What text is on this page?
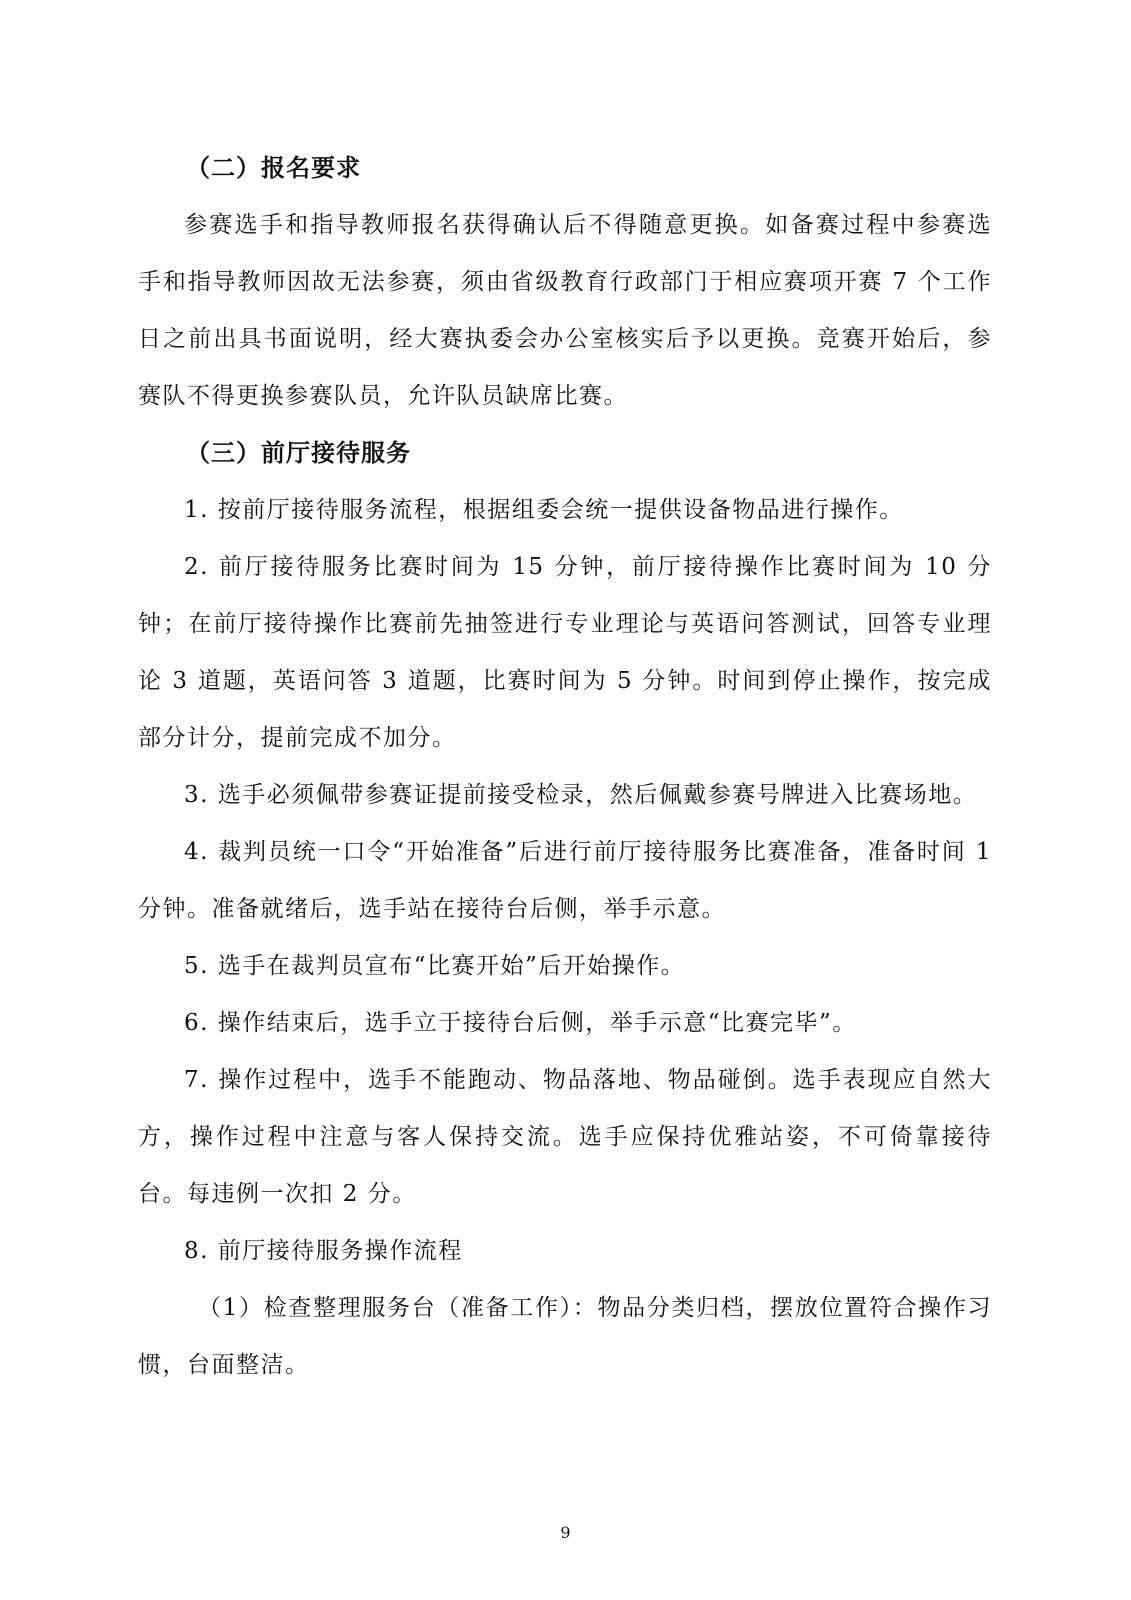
（二）报名要求

参赛选手和指导教师报名获得确认后不得随意更换。如备赛过程中参赛选手和指导教师因故无法参赛，须由省级教育行政部门于相应赛项开赛 7 个工作日之前出具书面说明，经大赛执委会办公室核实后予以更换。竞赛开始后，参赛队不得更换参赛队员，允许队员缺席比赛。

（三）前厅接待服务

1. 按前厅接待服务流程，根据组委会统一提供设备物品进行操作。

2. 前厅接待服务比赛时间为 15 分钟，前厅接待操作比赛时间为 10 分钟；在前厅接待操作比赛前先抽签进行专业理论与英语问答测试，回答专业理论 3 道题，英语问答 3 道题，比赛时间为 5 分钟。时间到停止操作，按完成部分计分，提前完成不加分。

3. 选手必须佩带参赛证提前接受检录，然后佩戴参赛号牌进入比赛场地。

4. 裁判员统一口令“开始准备”后进行前厅接待服务比赛准备，准备时间 1 分钟。准备就绪后，选手站在接待台后侧，举手示意。

5. 选手在裁判员宣布“比赛开始”后开始操作。

6. 操作结束后，选手立于接待台后侧，举手示意“比赛完毕”。

7. 操作过程中，选手不能跑动、物品落地、物品碰倒。选手表现应自然大方，操作过程中注意与客人保持交流。选手应保持优雅站姿，不可倚靠接待台。每违例一次扣 2 分。

8. 前厅接待服务操作流程

（1）检查整理服务台（准备工作）：物品分类归档，摆放位置符合操作习惯，台面整洁。

9
